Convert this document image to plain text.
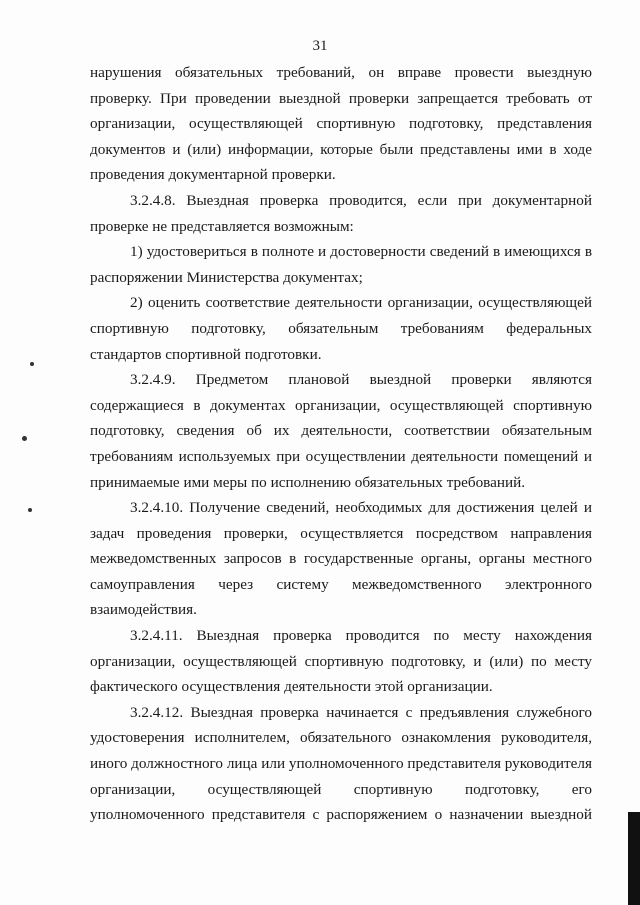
31

нарушения обязательных требований, он вправе провести выездную проверку. При проведении выездной проверки запрещается требовать от организации, осуществляющей спортивную подготовку, представления документов и (или) информации, которые были представлены ими в ходе проведения документарной проверки.

3.2.4.8. Выездная проверка проводится, если при документарной проверке не представляется возможным:

1) удостовериться в полноте и достоверности сведений в имеющихся в распоряжении Министерства документах;

2) оценить соответствие деятельности организации, осуществляющей спортивную подготовку, обязательным требованиям федеральных стандартов спортивной подготовки.

3.2.4.9. Предметом плановой выездной проверки являются содержащиеся в документах организации, осуществляющей спортивную подготовку, сведения об их деятельности, соответствии обязательным требованиям используемых при осуществлении деятельности помещений и принимаемые ими меры по исполнению обязательных требований.

3.2.4.10. Получение сведений, необходимых для достижения целей и задач проведения проверки, осуществляется посредством направления межведомственных запросов в государственные органы, органы местного самоуправления через систему межведомственного электронного взаимодействия.

3.2.4.11. Выездная проверка проводится по месту нахождения организации, осуществляющей спортивную подготовку, и (или) по месту фактического осуществления деятельности этой организации.

3.2.4.12. Выездная проверка начинается с предъявления служебного удостоверения исполнителем, обязательного ознакомления руководителя, иного должностного лица или уполномоченного представителя руководителя организации, осуществляющей спортивную подготовку, его уполномоченного представителя с распоряжением о назначении выездной
